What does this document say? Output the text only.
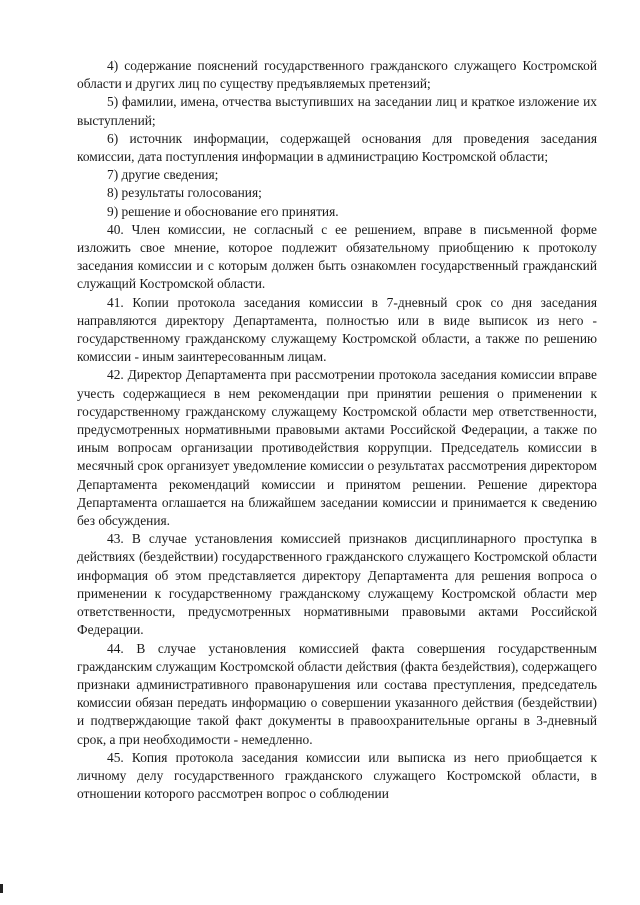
4) содержание пояснений государственного гражданского служащего Костромской области и других лиц по существу предъявляемых претензий;

5) фамилии, имена, отчества выступивших на заседании лиц и краткое изложение их выступлений;

6) источник информации, содержащей основания для проведения заседания комиссии, дата поступления информации в администрацию Костромской области;

7) другие сведения;

8) результаты голосования;

9) решение и обоснование его принятия.

40. Член комиссии, не согласный с ее решением, вправе в письменной форме изложить свое мнение, которое подлежит обязательному приобщению к протоколу заседания комиссии и с которым должен быть ознакомлен государственный гражданский служащий Костромской области.

41. Копии протокола заседания комиссии в 7-дневный срок со дня заседания направляются директору Департамента, полностью или в виде выписок из него - государственному гражданскому служащему Костромской области, а также по решению комиссии - иным заинтересованным лицам.

42. Директор Департамента при рассмотрении протокола заседания комиссии вправе учесть содержащиеся в нем рекомендации при принятии решения о применении к государственному гражданскому служащему Костромской области мер ответственности, предусмотренных нормативными правовыми актами Российской Федерации, а также по иным вопросам организации противодействия коррупции. Председатель комиссии в месячный срок организует уведомление комиссии о результатах рассмотрения директором Департамента рекомендаций комиссии и принятом решении. Решение директора Департамента оглашается на ближайшем заседании комиссии и принимается к сведению без обсуждения.

43. В случае установления комиссией признаков дисциплинарного проступка в действиях (бездействии) государственного гражданского служащего Костромской области информация об этом представляется директору Департамента для решения вопроса о применении к государственному гражданскому служащему Костромской области мер ответственности, предусмотренных нормативными правовыми актами Российской Федерации.

44. В случае установления комиссией факта совершения государственным гражданским служащим Костромской области действия (факта бездействия), содержащего признаки административного правонарушения или состава преступления, председатель комиссии обязан передать информацию о совершении указанного действия (бездействии) и подтверждающие такой факт документы в правоохранительные органы в 3-дневный срок, а при необходимости - немедленно.

45. Копия протокола заседания комиссии или выписка из него приобщается к личному делу государственного гражданского служащего Костромской области, в отношении которого рассмотрен вопрос о соблюдении
